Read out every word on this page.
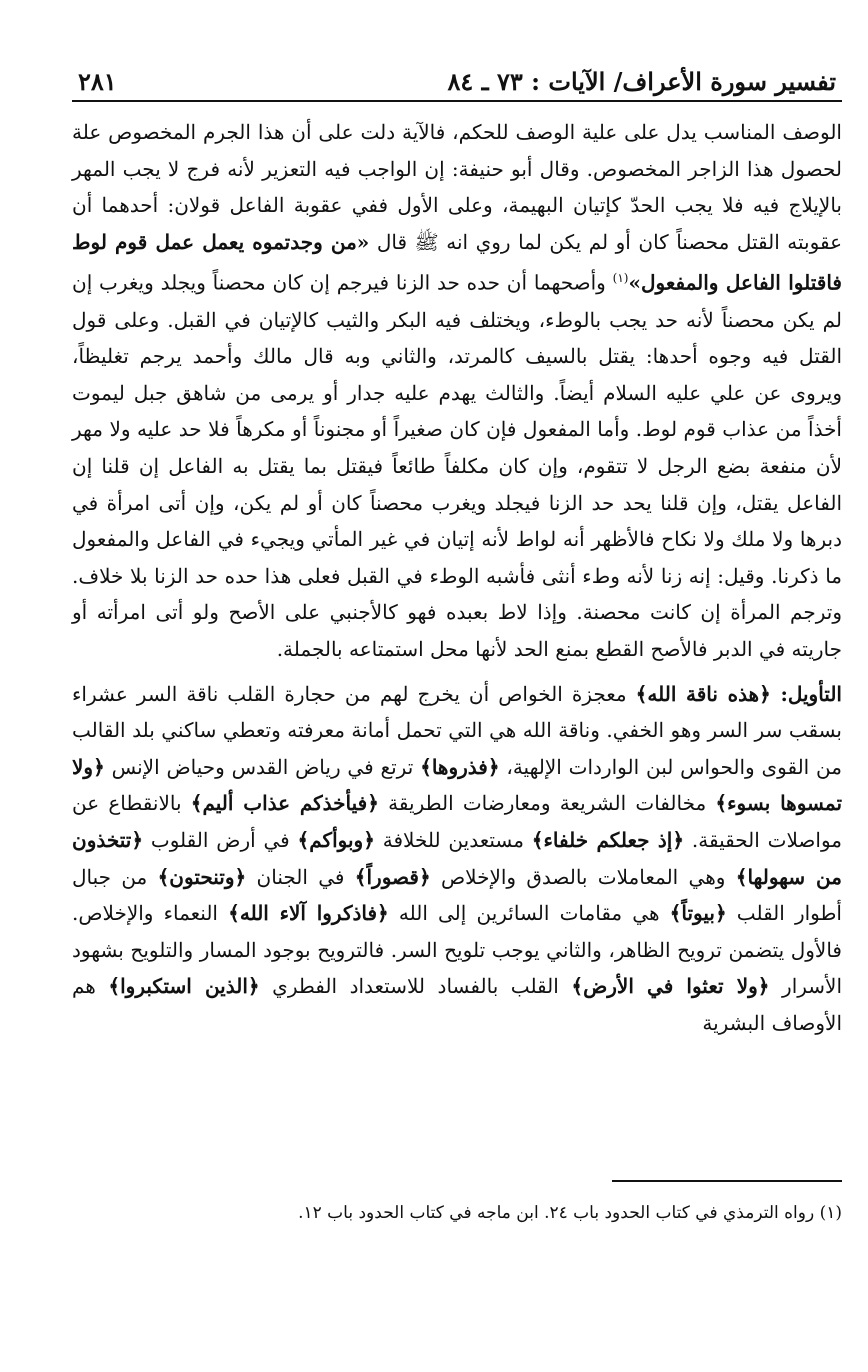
تفسير سورة الأعراف/ الآيات : ٧٣ ـ ٨٤
٢٨١

الوصف المناسب يدل على علية الوصف للحكم، فالآية دلت على أن هذا الجرم المخصوص علة لحصول هذا الزاجر المخصوص. وقال أبو حنيفة: إن الواجب فيه التعزير لأنه فرج لا يجب المهر بالإيلاج فيه فلا يجب الحدّ كإتيان البهيمة، وعلى الأول ففي عقوبة الفاعل قولان: أحدهما أن عقوبته القتل محصناً كان أو لم يكن لما روي انه ﷺ قال «من وجدتموه يعمل عمل قوم لوط فاقتلوا الفاعل والمفعول»$^{(١)}$ وأصحهما أن حده حد الزنا فيرجم إن كان محصناً ويجلد ويغرب إن لم يكن محصناً لأنه حد يجب بالوطء، ويختلف فيه البكر والثيب كالإتيان في القبل. وعلى قول القتل فيه وجوه أحدها: يقتل بالسيف كالمرتد، والثاني وبه قال مالك وأحمد يرجم تغليظاً، ويروى عن علي عليه السلام أيضاً. والثالث يهدم عليه جدار أو يرمى من شاهق جبل ليموت أخذاً من عذاب قوم لوط. وأما المفعول فإن كان صغيراً أو مجنوناً أو مكرهاً فلا حد عليه ولا مهر لأن منفعة بضع الرجل لا تتقوم، وإن كان مكلفاً طائعاً فيقتل بما يقتل به الفاعل إن قلنا إن الفاعل يقتل، وإن قلنا يحد حد الزنا فيجلد ويغرب محصناً كان أو لم يكن، وإن أتى امرأة في دبرها ولا ملك ولا نكاح فالأظهر أنه لواط لأنه إتيان في غير المأتي ويجيء في الفاعل والمفعول ما ذكرنا. وقيل: إنه زنا لأنه وطء أنثى فأشبه الوطء في القبل فعلى هذا حده حد الزنا بلا خلاف. وترجم المرأة إن كانت محصنة. وإذا لاط بعبده فهو كالأجنبي على الأصح ولو أتى امرأته أو جاريته في الدبر فالأصح القطع بمنع الحد لأنها محل استمتاعه بالجملة.

التأويل: ﴿هذه ناقة الله﴾ معجزة الخواص أن يخرج لهم من حجارة القلب ناقة السر عشراء بسقب سر السر وهو الخفي. وناقة الله هي التي تحمل أمانة معرفته وتعطي ساكني بلد القالب من القوى والحواس لبن الواردات الإلهية، ﴿فذروها﴾ ترتع في رياض القدس وحياض الإنس ﴿ولا تمسوها بسوء﴾ مخالفات الشريعة ومعارضات الطريقة ﴿فيأخذكم عذاب أليم﴾ بالانقطاع عن مواصلات الحقيقة. ﴿إذ جعلكم خلفاء﴾ مستعدين للخلافة ﴿وبوأكم﴾ في أرض القلوب ﴿تتخذون من سهولها﴾ وهي المعاملات بالصدق والإخلاص ﴿قصوراً﴾ في الجنان ﴿وتنحتون﴾ من جبال أطوار القلب ﴿بيوتاً﴾ هي مقامات السائرين إلى الله ﴿فاذكروا آلاء الله﴾ النعماء والإخلاص. فالأول يتضمن ترويح الظاهر، والثاني يوجب تلويح السر. فالترويح بوجود المسار والتلويح بشهود الأسرار ﴿ولا تعثوا في الأرض﴾ القلب بالفساد للاستعداد الفطري ﴿الذين استكبروا﴾ هم الأوصاف البشرية

(١) رواه الترمذي في كتاب الحدود باب ٢٤. ابن ماجه في كتاب الحدود باب ١٢.
